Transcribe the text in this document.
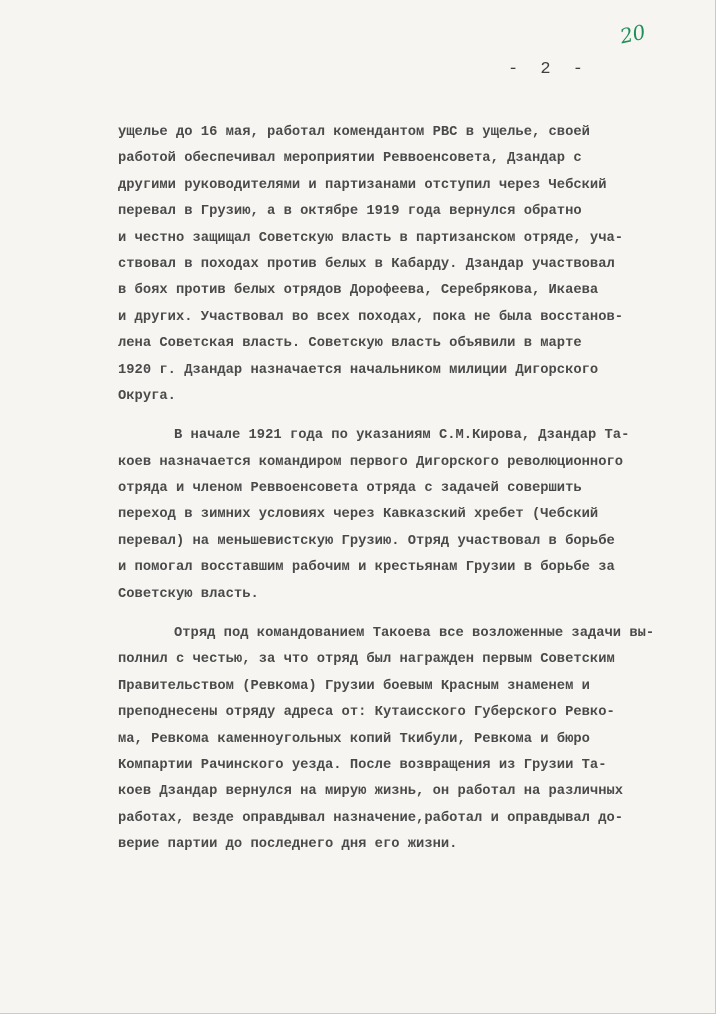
20
- 2 -
ущелье до 16 мая, работал комендантом РВС в ущелье, своей
работой обеспечивал мероприятии Реввоенсовета, Дзандар с
другими руководителями и партизанами отступил через Чебский
перевал в Грузию, а в октябре 1919 года вернулся обратно
и честно защищал Советскую власть в партизанском отряде, уча-
ствовал в походах против белых в Кабарду. Дзандар участвовал
в боях против белых отрядов Дорофеева, Серебрякова, Икаева
и других. Участвовал во всех походах, пока не была восстанов-
лена Советская власть. Советскую власть объявили в марте
1920 г. Дзандар назначается начальником милиции Дигорского
Округа.
В начале 1921 года по указаниям С.М.Кирова, Дзандар Та-
коев назначается командиром первого Дигорского революционного
отряда и членом Реввоенсовета отряда с задачей совершить
переход в зимних условиях через Кавказский хребет (Чебский
перевал) на меньшевистскую Грузию. Отряд участвовал в борьбе
и помогал восставшим рабочим и крестьянам Грузии в борьбе за
Советскую власть.
Отряд под командованием Такоева все возложенные задачи вы-
полнил с честью, за что отряд был награжден первым Советским
Правительством (Ревкома) Грузии боевым Красным знаменем и
преподнесены отряду адреса от: Кутаисского Губерского Ревко-
ма, Ревкома каменноугольных копий Ткибули, Ревкома и бюро
Компартии Рачинского уезда. После возвращения из Грузии Та-
коев Дзандар вернулся на мирую жизнь, он работал на различных
работах, везде оправдывал назначение,работал и оправдывал до-
верие партии до последнего дня его жизни.
